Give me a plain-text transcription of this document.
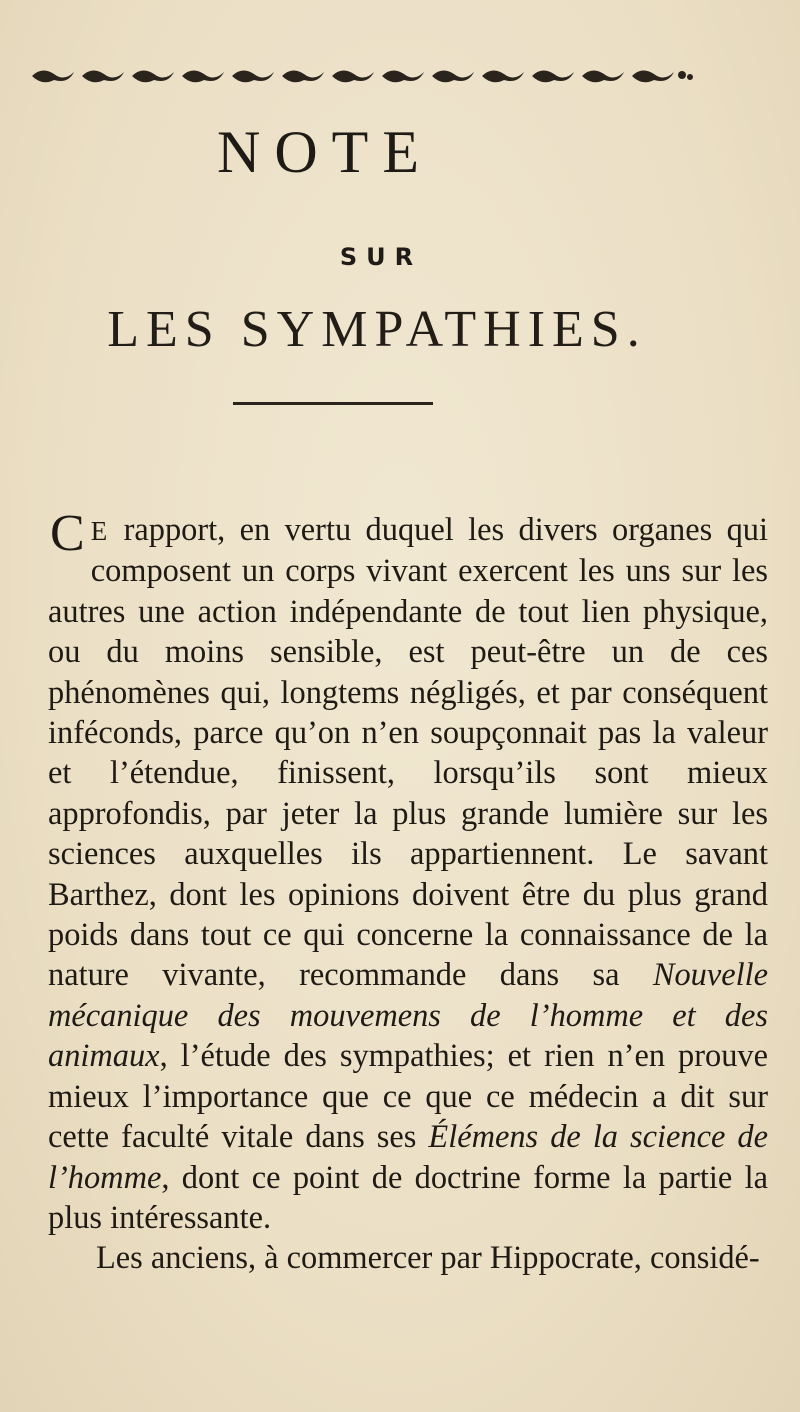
NOTE
SUR
LES SYMPATHIES.

C E rapport, en vertu duquel les divers organes qui composent un corps vivant exercent les uns sur les autres une action indépendante de tout lien physique, ou du moins sensible, est peut-être un de ces phénomènes qui, longtems négligés, et par conséquent inféconds, parce qu’on n’en soupçonnait pas la valeur et l’étendue, finissent, lorsqu’ils sont mieux approfondis, par jeter la plus grande lumière sur les sciences auxquelles ils appartiennent. Le savant Barthez, dont les opinions doivent être du plus grand poids dans tout ce qui concerne la connaissance de la nature vivante, recommande dans sa Nouvelle mécanique des mouvemens de l’homme et des animaux, l’étude des sympathies; et rien n’en prouve mieux l’importance que ce que ce médecin a dit sur cette faculté vitale dans ses Élémens de la science de l’homme, dont ce point de doctrine forme la partie la plus intéressante.

Les anciens, à commercer par Hippocrate, considé-
